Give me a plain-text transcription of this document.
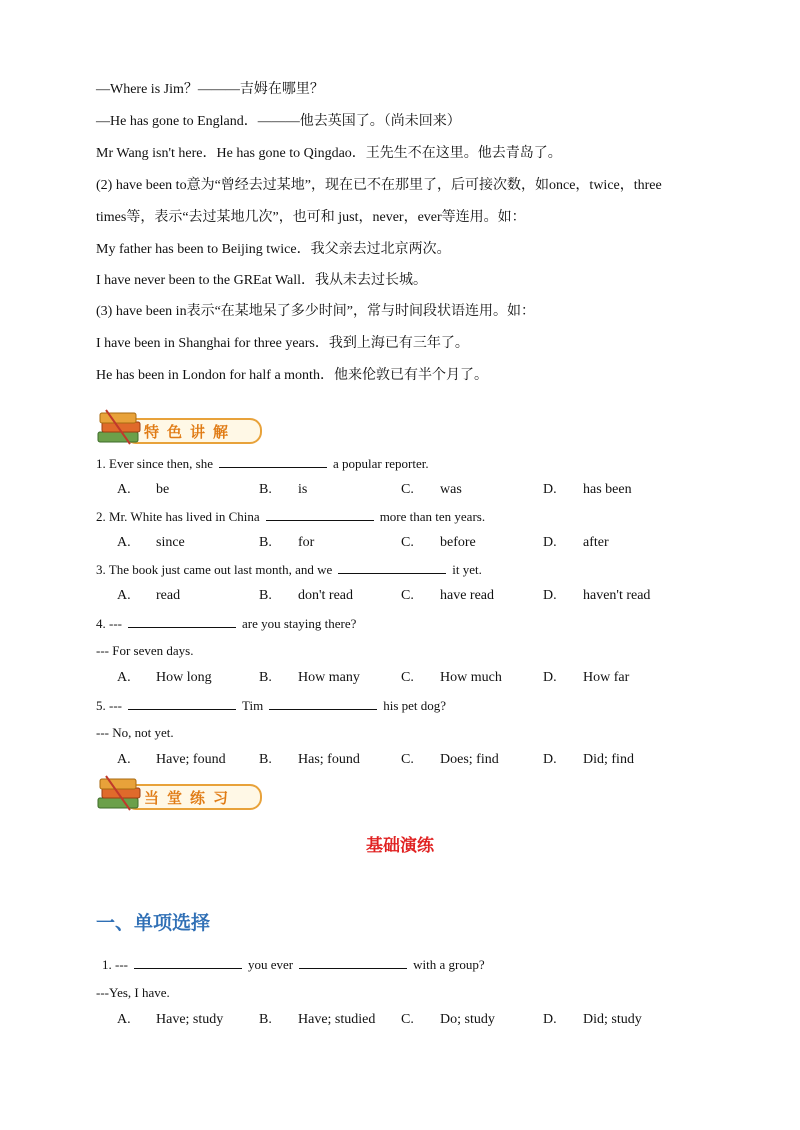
—Where is Jim？———吉姆在哪里？
—He has gone to England．———他去英国了。（尚未回来）
Mr Wang isn't here．He has gone to Qingdao．王先生不在这里。他去青岛了。
(2) have been to意为“曾经去过某地”，现在已不在那里了，后可接次数，如once，twice，three
times等，表示“去过某地几次”，也可和 just，never，ever等连用。如：
My father has been to Beijing twice．我父亲去过北京两次。
I have never been to the GREat Wall．我从未去过长城。
(3) have been in表示“在某地呆了多少时间”，常与时间段状语连用。如：
I have been in Shanghai for three years．我到上海已有三年了。
He has been in London for half a month．他来伦敦已有半个月了。
特色讲解
1. Ever since then, she	a popular reporter.
A. be	B. is	C. was	D. has been
2. Mr. White has lived in China	more than ten years.
A. since	B. for	C. before	D. after
3. The book just came out last month, and we	it yet.
A. read	B. don't read	C. have read	D. haven't read
4. ---	are you staying there?
--- For seven days.
A. How long	B. How many	C. How much	D. How far
5. ---	Tim	his pet dog?
--- No, not yet.
A. Have; found B. Has; found	C. Does; find	D. Did; find
当堂练习
基础演练
一、单项选择
1. ---	you ever	with a group?
---Yes, I have.
A. Have; study	B. Have; studied C. Do; study	D. Did; study
